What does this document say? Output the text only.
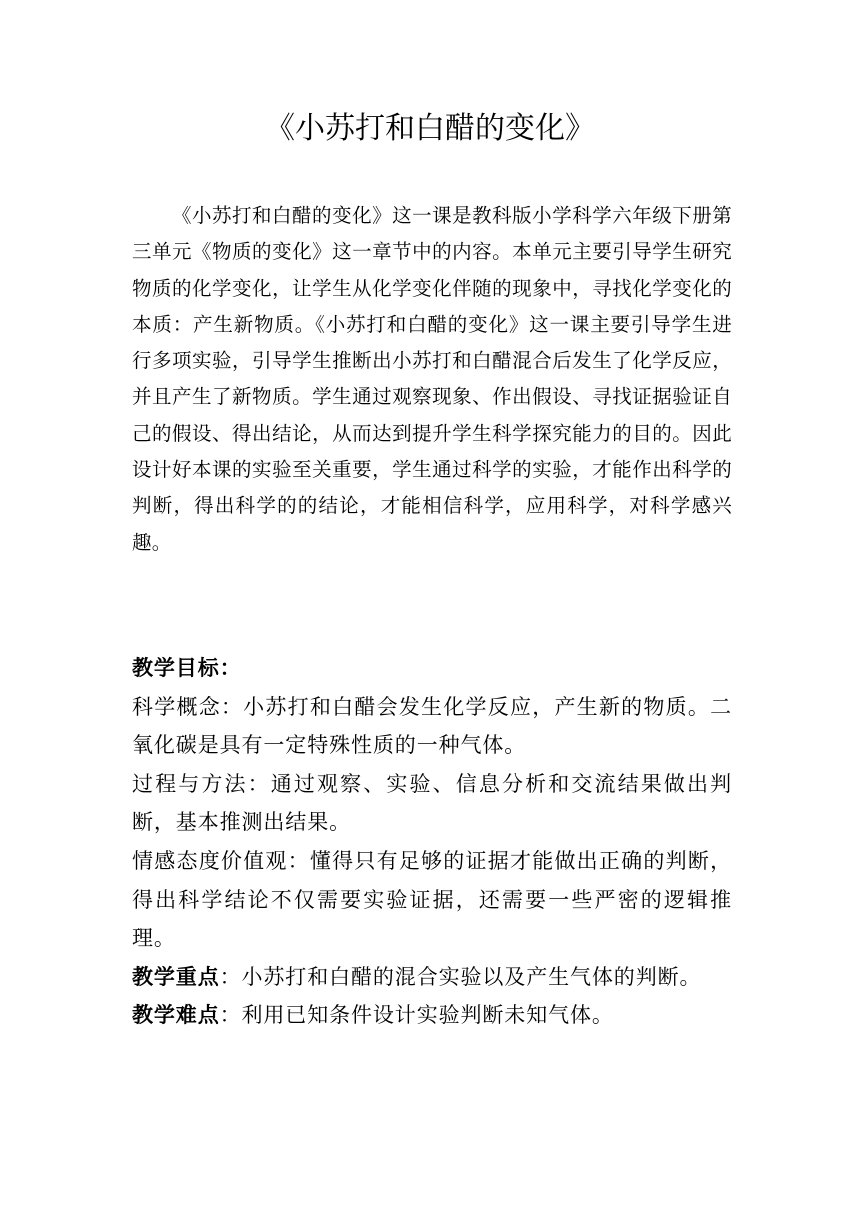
《小苏打和白醋的变化》

《小苏打和白醋的变化》这一课是教科版小学科学六年级下册第三单元《物质的变化》这一章节中的内容。本单元主要引导学生研究物质的化学变化，让学生从化学变化伴随的现象中，寻找化学变化的本质：产生新物质。《小苏打和白醋的变化》这一课主要引导学生进行多项实验，引导学生推断出小苏打和白醋混合后发生了化学反应，并且产生了新物质。学生通过观察现象、作出假设、寻找证据验证自己的假设、得出结论，从而达到提升学生科学探究能力的目的。因此设计好本课的实验至关重要，学生通过科学的实验，才能作出科学的判断，得出科学的的结论，才能相信科学，应用科学，对科学感兴趣。

教学目标：

科学概念：小苏打和白醋会发生化学反应，产生新的物质。二氧化碳是具有一定特殊性质的一种气体。

过程与方法：通过观察、实验、信息分析和交流结果做出判断，基本推测出结果。

情感态度价值观：懂得只有足够的证据才能做出正确的判断，得出科学结论不仅需要实验证据，还需要一些严密的逻辑推理。

教学重点：小苏打和白醋的混合实验以及产生气体的判断。

教学难点：利用已知条件设计实验判断未知气体。
